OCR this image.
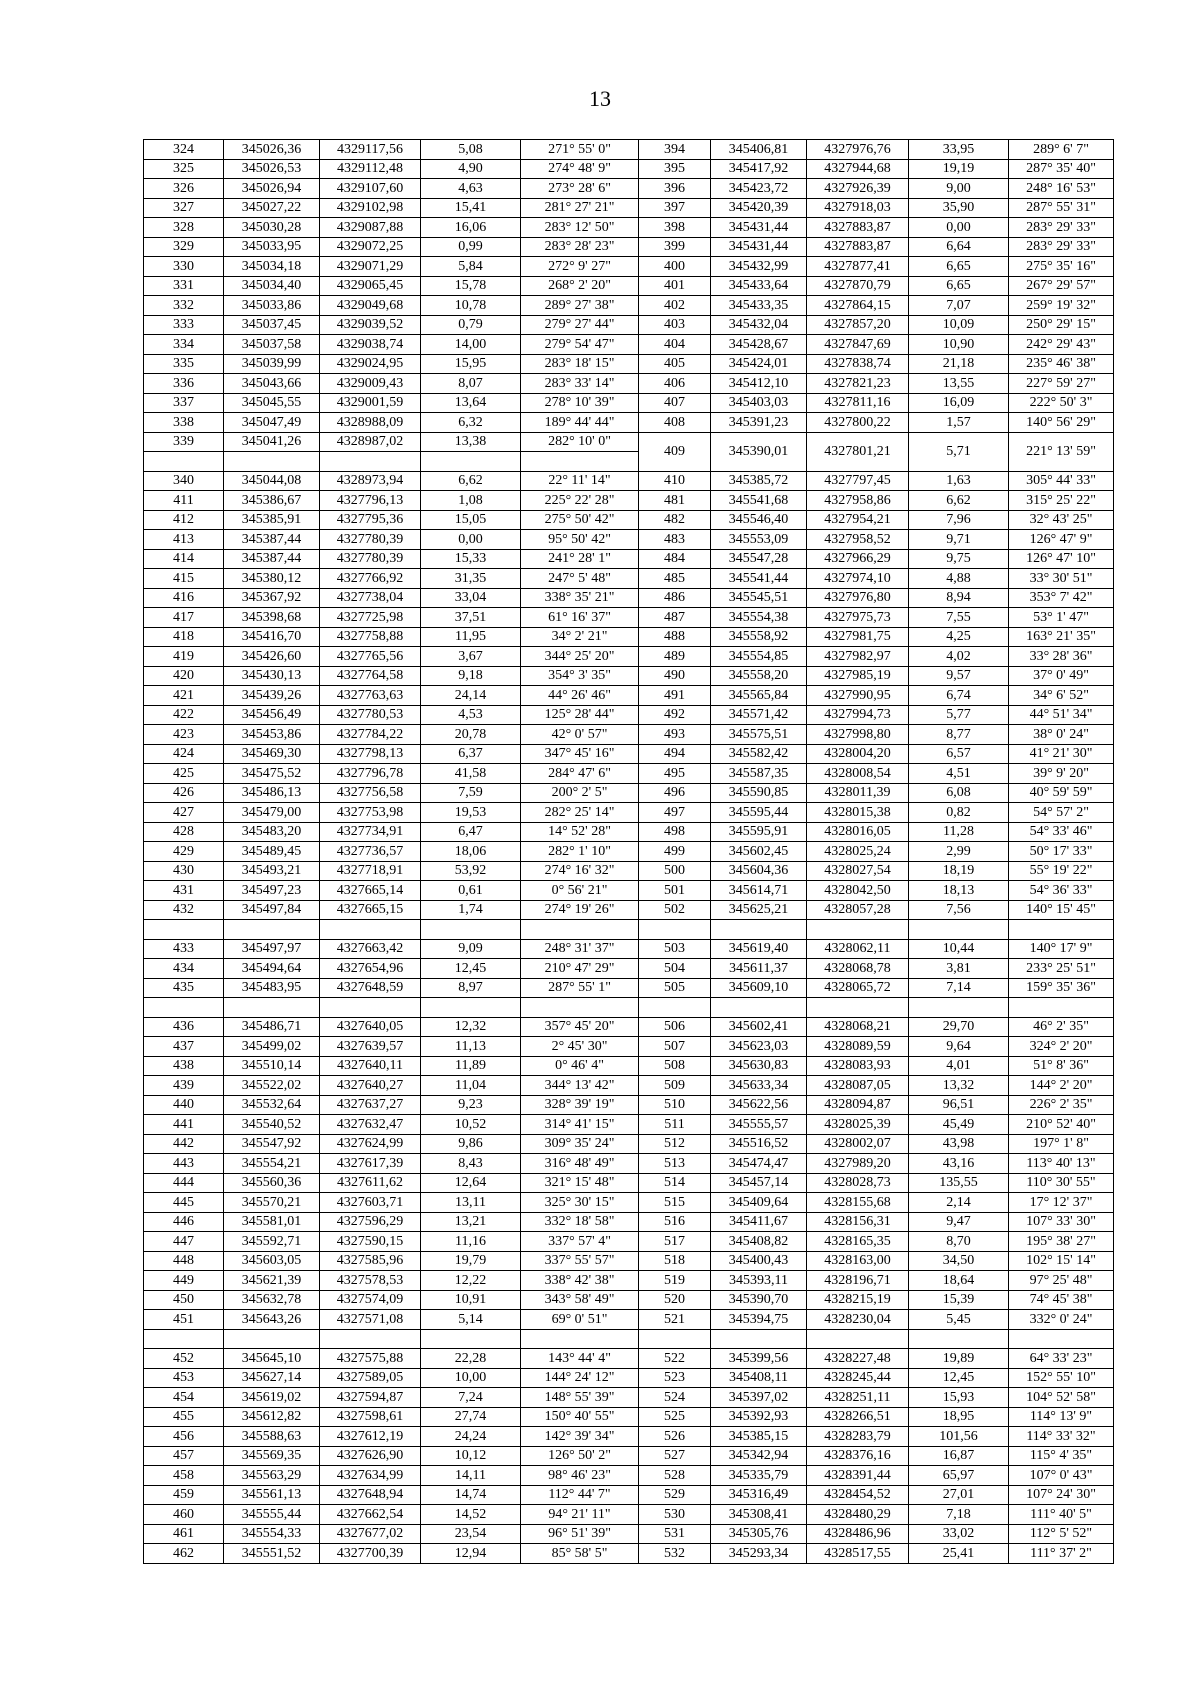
13
324	345026,36	4329117,56	5,08	271° 55' 0"	394	345406,81	4327976,76	33,95	289° 6' 7"
325	345026,53	4329112,48	4,90	274° 48' 9"	395	345417,92	4327944,68	19,19	287° 35' 40"
326	345026,94	4329107,60	4,63	273° 28' 6"	396	345423,72	4327926,39	9,00	248° 16' 53"
327	345027,22	4329102,98	15,41	281° 27' 21"	397	345420,39	4327918,03	35,90	287° 55' 31"
328	345030,28	4329087,88	16,06	283° 12' 50"	398	345431,44	4327883,87	0,00	283° 29' 33"
329	345033,95	4329072,25	0,99	283° 28' 23"	399	345431,44	4327883,87	6,64	283° 29' 33"
330	345034,18	4329071,29	5,84	272° 9' 27"	400	345432,99	4327877,41	6,65	275° 35' 16"
331	345034,40	4329065,45	15,78	268° 2' 20"	401	345433,64	4327870,79	6,65	267° 29' 57"
332	345033,86	4329049,68	10,78	289° 27' 38"	402	345433,35	4327864,15	7,07	259° 19' 32"
333	345037,45	4329039,52	0,79	279° 27' 44"	403	345432,04	4327857,20	10,09	250° 29' 15"
334	345037,58	4329038,74	14,00	279° 54' 47"	404	345428,67	4327847,69	10,90	242° 29' 43"
335	345039,99	4329024,95	15,95	283° 18' 15"	405	345424,01	4327838,74	21,18	235° 46' 38"
336	345043,66	4329009,43	8,07	283° 33' 14"	406	345412,10	4327821,23	13,55	227° 59' 27"
337	345045,55	4329001,59	13,64	278° 10' 39"	407	345403,03	4327811,16	16,09	222° 50' 3"
338	345047,49	4328988,09	6,32	189° 44' 44"	408	345391,23	4327800,22	1,57	140° 56' 29"
339	345041,26	4328987,02	13,38	282° 10' 0"	409	345390,01	4327801,21	5,71	221° 13' 59"

340	345044,08	4328973,94	6,62	22° 11' 14"	410	345385,72	4327797,45	1,63	305° 44' 33"
411	345386,67	4327796,13	1,08	225° 22' 28"	481	345541,68	4327958,86	6,62	315° 25' 22"
412	345385,91	4327795,36	15,05	275° 50' 42"	482	345546,40	4327954,21	7,96	32° 43' 25"
413	345387,44	4327780,39	0,00	95° 50' 42"	483	345553,09	4327958,52	9,71	126° 47' 9"
414	345387,44	4327780,39	15,33	241° 28' 1"	484	345547,28	4327966,29	9,75	126° 47' 10"
415	345380,12	4327766,92	31,35	247° 5' 48"	485	345541,44	4327974,10	4,88	33° 30' 51"
416	345367,92	4327738,04	33,04	338° 35' 21"	486	345545,51	4327976,80	8,94	353° 7' 42"
417	345398,68	4327725,98	37,51	61° 16' 37"	487	345554,38	4327975,73	7,55	53° 1' 47"
418	345416,70	4327758,88	11,95	34° 2' 21"	488	345558,92	4327981,75	4,25	163° 21' 35"
419	345426,60	4327765,56	3,67	344° 25' 20"	489	345554,85	4327982,97	4,02	33° 28' 36"
420	345430,13	4327764,58	9,18	354° 3' 35"	490	345558,20	4327985,19	9,57	37° 0' 49"
421	345439,26	4327763,63	24,14	44° 26' 46"	491	345565,84	4327990,95	6,74	34° 6' 52"
422	345456,49	4327780,53	4,53	125° 28' 44"	492	345571,42	4327994,73	5,77	44° 51' 34"
423	345453,86	4327784,22	20,78	42° 0' 57"	493	345575,51	4327998,80	8,77	38° 0' 24"
424	345469,30	4327798,13	6,37	347° 45' 16"	494	345582,42	4328004,20	6,57	41° 21' 30"
425	345475,52	4327796,78	41,58	284° 47' 6"	495	345587,35	4328008,54	4,51	39° 9' 20"
426	345486,13	4327756,58	7,59	200° 2' 5"	496	345590,85	4328011,39	6,08	40° 59' 59"
427	345479,00	4327753,98	19,53	282° 25' 14"	497	345595,44	4328015,38	0,82	54° 57' 2"
428	345483,20	4327734,91	6,47	14° 52' 28"	498	345595,91	4328016,05	11,28	54° 33' 46"
429	345489,45	4327736,57	18,06	282° 1' 10"	499	345602,45	4328025,24	2,99	50° 17' 33"
430	345493,21	4327718,91	53,92	274° 16' 32"	500	345604,36	4328027,54	18,19	55° 19' 22"
431	345497,23	4327665,14	0,61	0° 56' 21"	501	345614,71	4328042,50	18,13	54° 36' 33"
432	345497,84	4327665,15	1,74	274° 19' 26"	502	345625,21	4328057,28	7,56	140° 15' 45"

433	345497,97	4327663,42	9,09	248° 31' 37"	503	345619,40	4328062,11	10,44	140° 17' 9"
434	345494,64	4327654,96	12,45	210° 47' 29"	504	345611,37	4328068,78	3,81	233° 25' 51"
435	345483,95	4327648,59	8,97	287° 55' 1"	505	345609,10	4328065,72	7,14	159° 35' 36"

436	345486,71	4327640,05	12,32	357° 45' 20"	506	345602,41	4328068,21	29,70	46° 2' 35"
437	345499,02	4327639,57	11,13	2° 45' 30"	507	345623,03	4328089,59	9,64	324° 2' 20"
438	345510,14	4327640,11	11,89	0° 46' 4"	508	345630,83	4328083,93	4,01	51° 8' 36"
439	345522,02	4327640,27	11,04	344° 13' 42"	509	345633,34	4328087,05	13,32	144° 2' 20"
440	345532,64	4327637,27	9,23	328° 39' 19"	510	345622,56	4328094,87	96,51	226° 2' 35"
441	345540,52	4327632,47	10,52	314° 41' 15"	511	345555,57	4328025,39	45,49	210° 52' 40"
442	345547,92	4327624,99	9,86	309° 35' 24"	512	345516,52	4328002,07	43,98	197° 1' 8"
443	345554,21	4327617,39	8,43	316° 48' 49"	513	345474,47	4327989,20	43,16	113° 40' 13"
444	345560,36	4327611,62	12,64	321° 15' 48"	514	345457,14	4328028,73	135,55	110° 30' 55"
445	345570,21	4327603,71	13,11	325° 30' 15"	515	345409,64	4328155,68	2,14	17° 12' 37"
446	345581,01	4327596,29	13,21	332° 18' 58"	516	345411,67	4328156,31	9,47	107° 33' 30"
447	345592,71	4327590,15	11,16	337° 57' 4"	517	345408,82	4328165,35	8,70	195° 38' 27"
448	345603,05	4327585,96	19,79	337° 55' 57"	518	345400,43	4328163,00	34,50	102° 15' 14"
449	345621,39	4327578,53	12,22	338° 42' 38"	519	345393,11	4328196,71	18,64	97° 25' 48"
450	345632,78	4327574,09	10,91	343° 58' 49"	520	345390,70	4328215,19	15,39	74° 45' 38"
451	345643,26	4327571,08	5,14	69° 0' 51"	521	345394,75	4328230,04	5,45	332° 0' 24"

452	345645,10	4327575,88	22,28	143° 44' 4"	522	345399,56	4328227,48	19,89	64° 33' 23"
453	345627,14	4327589,05	10,00	144° 24' 12"	523	345408,11	4328245,44	12,45	152° 55' 10"
454	345619,02	4327594,87	7,24	148° 55' 39"	524	345397,02	4328251,11	15,93	104° 52' 58"
455	345612,82	4327598,61	27,74	150° 40' 55"	525	345392,93	4328266,51	18,95	114° 13' 9"
456	345588,63	4327612,19	24,24	142° 39' 34"	526	345385,15	4328283,79	101,56	114° 33' 32"
457	345569,35	4327626,90	10,12	126° 50' 2"	527	345342,94	4328376,16	16,87	115° 4' 35"
458	345563,29	4327634,99	14,11	98° 46' 23"	528	345335,79	4328391,44	65,97	107° 0' 43"
459	345561,13	4327648,94	14,74	112° 44' 7"	529	345316,49	4328454,52	27,01	107° 24' 30"
460	345555,44	4327662,54	14,52	94° 21' 11"	530	345308,41	4328480,29	7,18	111° 40' 5"
461	345554,33	4327677,02	23,54	96° 51' 39"	531	345305,76	4328486,96	33,02	112° 5' 52"
462	345551,52	4327700,39	12,94	85° 58' 5"	532	345293,34	4328517,55	25,41	111° 37' 2"
